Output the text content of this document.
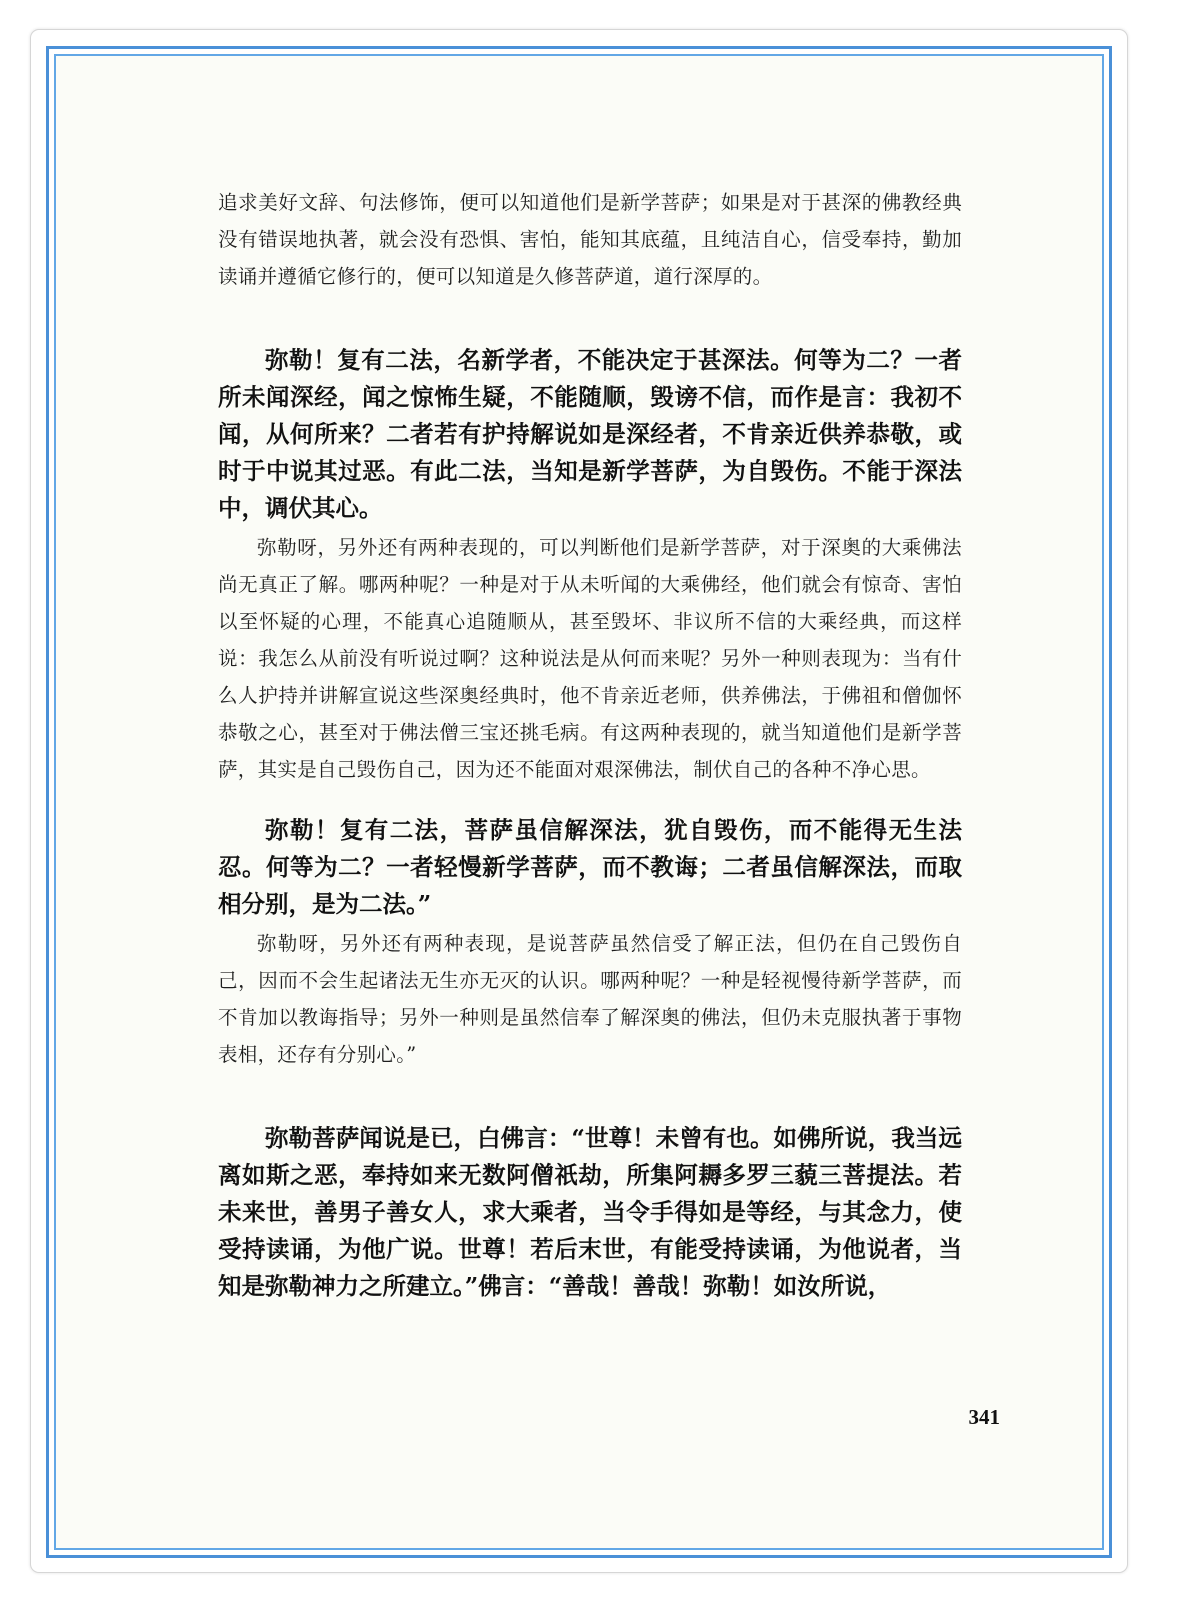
追求美好文辞、句法修饰，便可以知道他们是新学菩萨；如果是对于甚深的佛教经典没有错误地执著，就会没有恐惧、害怕，能知其底蕴，且纯洁自心，信受奉持，勤加读诵并遵循它修行的，便可以知道是久修菩萨道，道行深厚的。

弥勒！复有二法，名新学者，不能决定于甚深法。何等为二？一者所未闻深经，闻之惊怖生疑，不能随顺，毁谤不信，而作是言：我初不闻，从何所来？二者若有护持解说如是深经者，不肯亲近供养恭敬，或时于中说其过恶。有此二法，当知是新学菩萨，为自毁伤。不能于深法中，调伏其心。

弥勒呀，另外还有两种表现的，可以判断他们是新学菩萨，对于深奥的大乘佛法尚无真正了解。哪两种呢？一种是对于从未听闻的大乘佛经，他们就会有惊奇、害怕以至怀疑的心理，不能真心追随顺从，甚至毁坏、非议所不信的大乘经典，而这样说：我怎么从前没有听说过啊？这种说法是从何而来呢？另外一种则表现为：当有什么人护持并讲解宣说这些深奥经典时，他不肯亲近老师，供养佛法，于佛祖和僧伽怀恭敬之心，甚至对于佛法僧三宝还挑毛病。有这两种表现的，就当知道他们是新学菩萨，其实是自己毁伤自己，因为还不能面对艰深佛法，制伏自己的各种不净心思。

弥勒！复有二法，菩萨虽信解深法，犹自毁伤，而不能得无生法忍。何等为二？一者轻慢新学菩萨，而不教诲；二者虽信解深法，而取相分别，是为二法。”

弥勒呀，另外还有两种表现，是说菩萨虽然信受了解正法，但仍在自己毁伤自己，因而不会生起诸法无生亦无灭的认识。哪两种呢？一种是轻视慢待新学菩萨，而不肯加以教诲指导；另外一种则是虽然信奉了解深奥的佛法，但仍未克服执著于事物表相，还存有分别心。”

弥勒菩萨闻说是已，白佛言：“世尊！未曾有也。如佛所说，我当远离如斯之恶，奉持如来无数阿僧祇劫，所集阿耨多罗三藐三菩提法。若未来世，善男子善女人，求大乘者，当令手得如是等经，与其念力，使受持读诵，为他广说。世尊！若后末世，有能受持读诵，为他说者，当知是弥勒神力之所建立。”佛言：“善哉！善哉！弥勒！如汝所说，

341
